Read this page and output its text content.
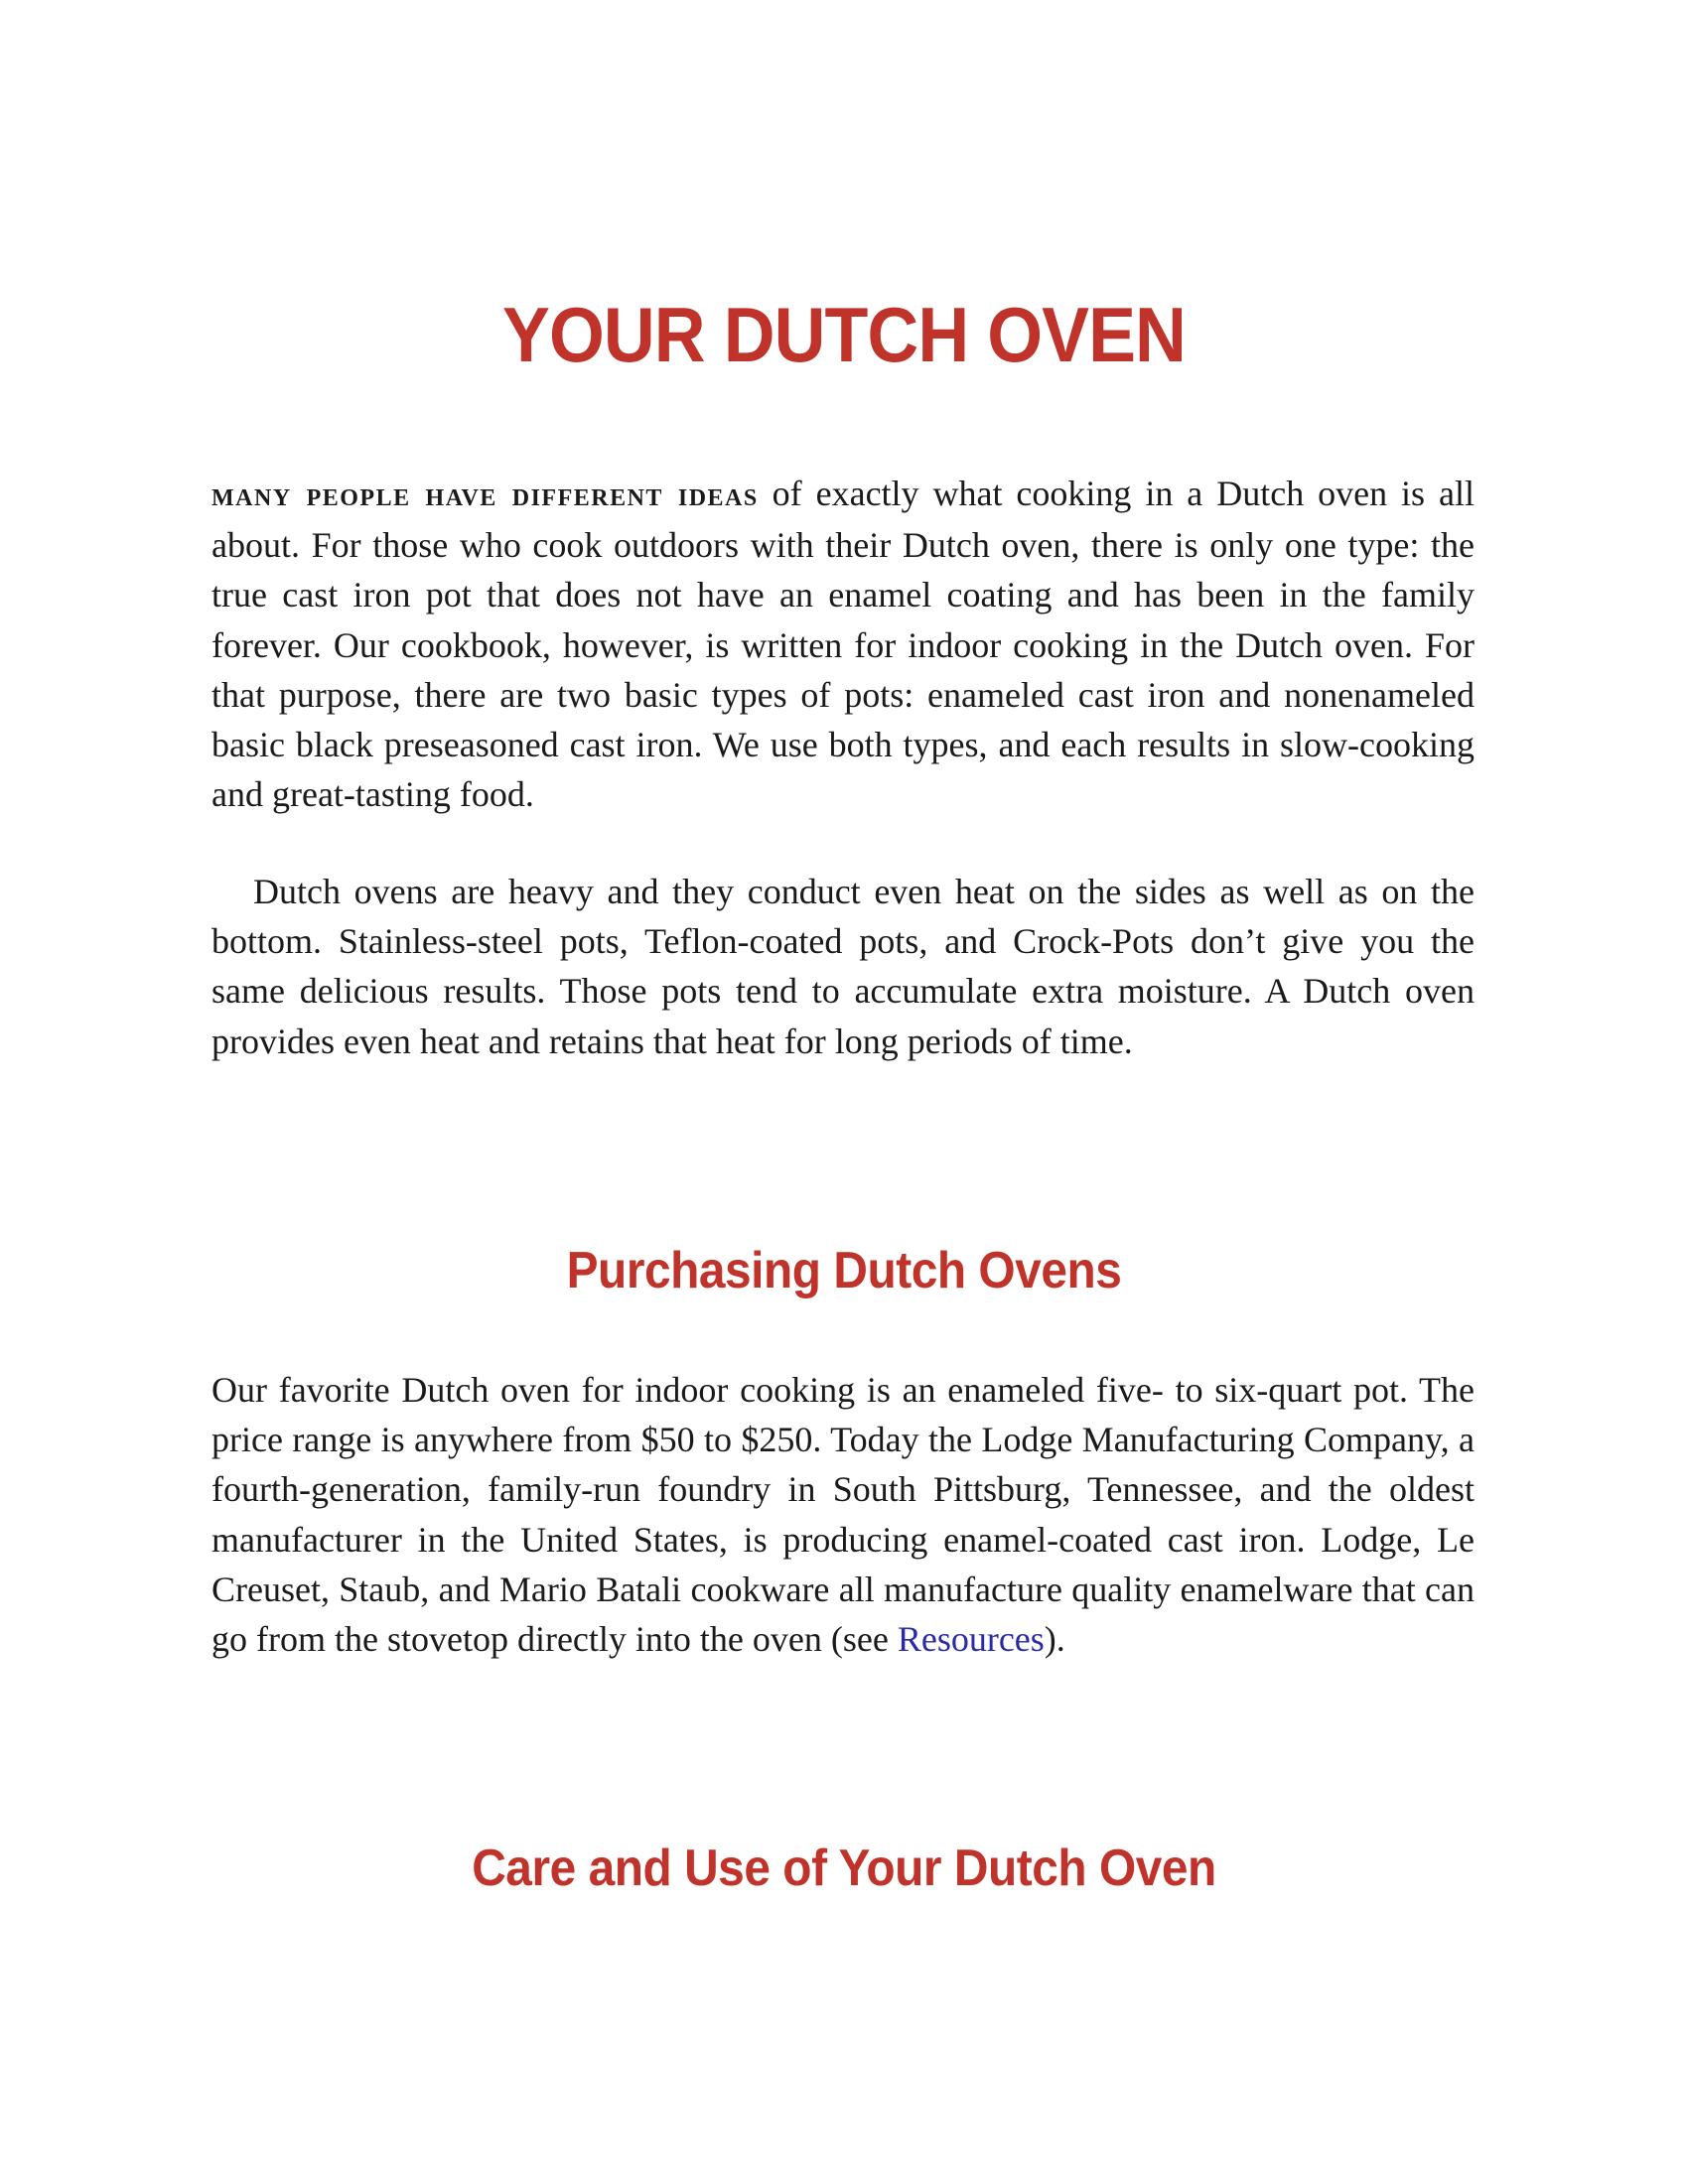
YOUR DUTCH OVEN

many people have different ideas of exactly what cooking in a Dutch oven is all about. For those who cook outdoors with their Dutch oven, there is only one type: the true cast iron pot that does not have an enamel coating and has been in the family forever. Our cookbook, however, is written for indoor cooking in the Dutch oven. For that purpose, there are two basic types of pots: enameled cast iron and nonenameled basic black preseasoned cast iron. We use both types, and each results in slow-cooking and great-tasting food.

Dutch ovens are heavy and they conduct even heat on the sides as well as on the bottom. Stainless-steel pots, Teflon-coated pots, and Crock-Pots don’t give you the same delicious results. Those pots tend to accumulate extra moisture. A Dutch oven provides even heat and retains that heat for long periods of time.

Purchasing Dutch Ovens

Our favorite Dutch oven for indoor cooking is an enameled five- to six-quart pot. The price range is anywhere from $50 to $250. Today the Lodge Manufacturing Company, a fourth-generation, family-run foundry in South Pittsburg, Tennessee, and the oldest manufacturer in the United States, is producing enamel-coated cast iron. Lodge, Le Creuset, Staub, and Mario Batali cookware all manufacture quality enamelware that can go from the stovetop directly into the oven (see Resources).

Care and Use of Your Dutch Oven
